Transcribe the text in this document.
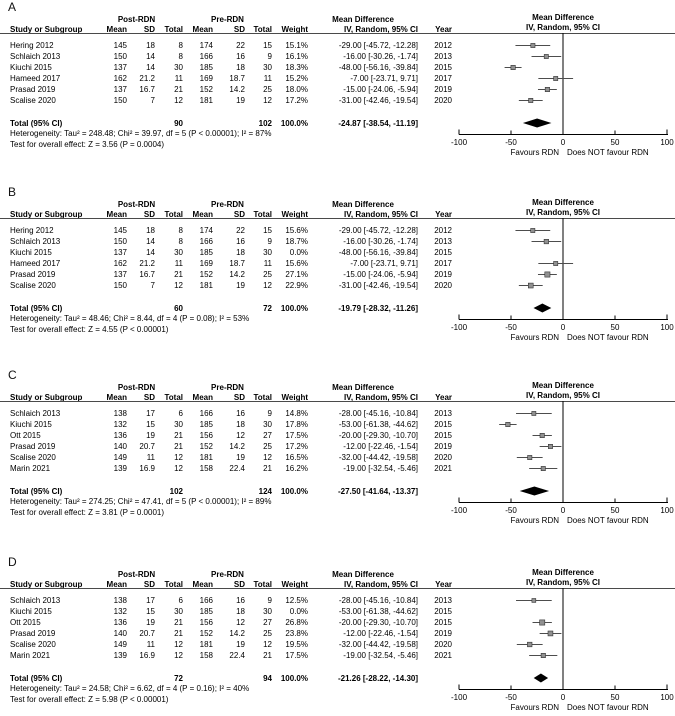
A
Post-RDN	Pre-RDN	Mean Difference
Study or Subgroup	Mean	SD	Total	Mean	SD	Total	Weight	IV, Random, 95% CI	Year
Hering 2012	145	18	8	174	22	15	15.1%	-29.00 [-45.72, -12.28]	2012
Schlaich 2013	150	14	8	166	16	9	16.1%	-16.00 [-30.26, -1.74]	2013
Kiuchi 2015	137	14	30	185	18	30	18.3%	-48.00 [-56.16, -39.84]	2015
Hameed 2017	162	21.2	11	169	18.7	11	15.2%	-7.00 [-23.71, 9.71]	2017
Prasad 2019	137	16.7	21	152	14.2	25	18.0%	-15.00 [-24.06, -5.94]	2019
Scalise 2020	150	7	12	181	19	12	17.2%	-31.00 [-42.46, -19.54]	2020
Total (95% CI)	90	102	100.0%	-24.87 [-38.54, -11.19]
Heterogeneity: Tau² = 248.48; Chi² = 39.97, df = 5 (P < 0.00001); I² = 87%
Test for overall effect: Z = 3.56 (P = 0.0004)
Mean Difference
IV, Random, 95% CI
-100	-50	0	50	100
Favours RDN Does NOT favour RDN
B
Post-RDN	Pre-RDN	Mean Difference
Study or Subgroup	Mean	SD	Total	Mean	SD	Total	Weight	IV, Random, 95% CI	Year
Hering 2012	145	18	8	174	22	15	15.6%	-29.00 [-45.72, -12.28]	2012
Schlaich 2013	150	14	8	166	16	9	18.7%	-16.00 [-30.26, -1.74]	2013
Kiuchi 2015	137	14	30	185	18	30	0.0%	-48.00 [-56.16, -39.84]	2015
Hameed 2017	162	21.2	11	169	18.7	11	15.6%	-7.00 [-23.71, 9.71]	2017
Prasad 2019	137	16.7	21	152	14.2	25	27.1%	-15.00 [-24.06, -5.94]	2019
Scalise 2020	150	7	12	181	19	12	22.9%	-31.00 [-42.46, -19.54]	2020
Total (95% CI)	60	72	100.0%	-19.79 [-28.32, -11.26]
Heterogeneity: Tau² = 48.46; Chi² = 8.44, df = 4 (P = 0.08); I² = 53%
Test for overall effect: Z = 4.55 (P < 0.00001)
Mean Difference
IV, Random, 95% CI
-100	-50	0	50	100
Favours RDN Does NOT favour RDN
C
Post-RDN	Pre-RDN	Mean Difference
Study or Subgroup	Mean	SD	Total	Mean	SD	Total	Weight	IV, Random, 95% CI	Year
Schlaich 2013	138	17	6	166	16	9	14.8%	-28.00 [-45.16, -10.84]	2013
Kiuchi 2015	132	15	30	185	18	30	17.8%	-53.00 [-61.38, -44.62]	2015
Ott 2015	136	19	21	156	12	27	17.5%	-20.00 [-29.30, -10.70]	2015
Prasad 2019	140	20.7	21	152	14.2	25	17.2%	-12.00 [-22.46, -1.54]	2019
Scalise 2020	149	11	12	181	19	12	16.5%	-32.00 [-44.42, -19.58]	2020
Marin 2021	139	16.9	12	158	22.4	21	16.2%	-19.00 [-32.54, -5.46]	2021
Total (95% CI)	102	124	100.0%	-27.50 [-41.64, -13.37]
Heterogeneity: Tau² = 274.25; Chi² = 47.41, df = 5 (P < 0.00001); I² = 89%
Test for overall effect: Z = 3.81 (P = 0.0001)
Mean Difference
IV, Random, 95% CI
-100	-50	0	50	100
Favours RDN Does NOT favour RDN
D
Post-RDN	Pre-RDN	Mean Difference
Study or Subgroup	Mean	SD	Total	Mean	SD	Total	Weight	IV, Random, 95% CI	Year
Schlaich 2013	138	17	6	166	16	9	12.5%	-28.00 [-45.16, -10.84]	2013
Kiuchi 2015	132	15	30	185	18	30	0.0%	-53.00 [-61.38, -44.62]	2015
Ott 2015	136	19	21	156	12	27	26.8%	-20.00 [-29.30, -10.70]	2015
Prasad 2019	140	20.7	21	152	14.2	25	23.8%	-12.00 [-22.46, -1.54]	2019
Scalise 2020	149	11	12	181	19	12	19.5%	-32.00 [-44.42, -19.58]	2020
Marin 2021	139	16.9	12	158	22.4	21	17.5%	-19.00 [-32.54, -5.46]	2021
Total (95% CI)	72	94	100.0%	-21.26 [-28.22, -14.30]
Heterogeneity: Tau² = 24.58; Chi² = 6.62, df = 4 (P = 0.16); I² = 40%
Test for overall effect: Z = 5.98 (P < 0.00001)
Mean Difference
IV, Random, 95% CI
-100	-50	0	50	100
Favours RDN Does NOT favour RDN
